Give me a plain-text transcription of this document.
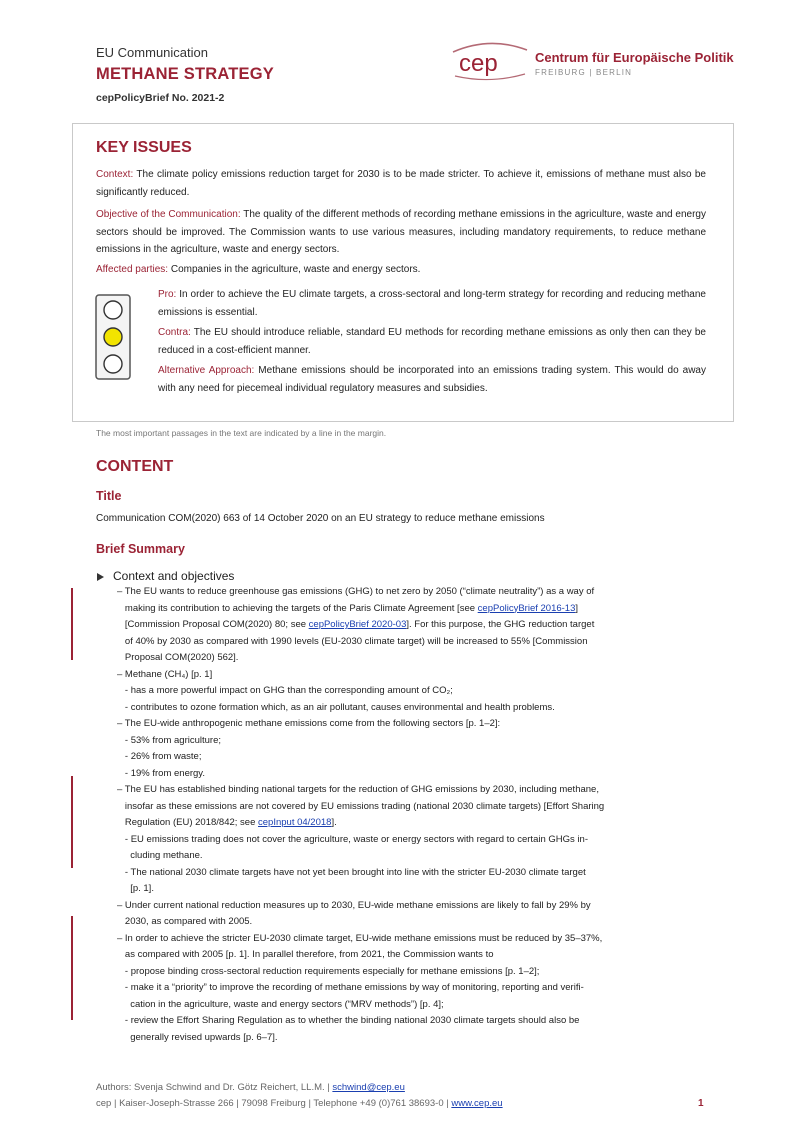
EU Communication
METHANE STRATEGY
cepPolicyBrief No. 2021-2
cep	Centrum für Europäische Politik
FREIBURG | BERLIN
KEY ISSUES
Context: The climate policy emissions reduction target for 2030 is to be made stricter. To achieve it, emissions of methane must also be significantly reduced.
Objective of the Communication: The quality of the different methods of recording methane emissions in the agriculture, waste and energy sectors should be improved. The Commission wants to use various measures, including mandatory requirements, to reduce methane emissions in the agriculture, waste and energy sectors.
Affected parties: Companies in the agriculture, waste and energy sectors.
Pro: In order to achieve the EU climate targets, a cross-sectoral and long-term strategy for recording and reducing methane emissions is essential.
Contra: The EU should introduce reliable, standard EU methods for recording methane emissions as only then can they be reduced in a cost-efficient manner.
Alternative Approach: Methane emissions should be incorporated into an emissions trading system. This would do away with any need for piecemeal individual regulatory measures and subsidies.
The most important passages in the text are indicated by a line in the margin.
CONTENT
Title
Communication COM(2020) 663 of 14 October 2020 on an EU strategy to reduce methane emissions
Brief Summary
Context and objectives
– The EU wants to reduce greenhouse gas emissions (GHG) to net zero by 2050 (“climate neutrality”) as a way of
making its contribution to achieving the targets of the Paris Climate Agreement [see cepPolicyBrief 2016-13]
[Commission Proposal COM(2020) 80; see cepPolicyBrief 2020-03]. For this purpose, the GHG reduction target
of 40% by 2030 as compared with 1990 levels (EU-2030 climate target) will be increased to 55% [Commission
Proposal COM(2020) 562].
– Methane (CH₄) [p. 1]
- has a more powerful impact on GHG than the corresponding amount of CO₂;
- contributes to ozone formation which, as an air pollutant, causes environmental and health problems.
– The EU-wide anthropogenic methane emissions come from the following sectors [p. 1–2]:
- 53% from agriculture;
- 26% from waste;
- 19% from energy.
– The EU has established binding national targets for the reduction of GHG emissions by 2030, including methane,
insofar as these emissions are not covered by EU emissions trading (national 2030 climate targets) [Effort Sharing
Regulation (EU) 2018/842; see cepInput 04/2018].
- EU emissions trading does not cover the agriculture, waste or energy sectors with regard to certain GHGs in-
cluding methane.
- The national 2030 climate targets have not yet been brought into line with the stricter EU-2030 climate target
[p. 1].
– Under current national reduction measures up to 2030, EU-wide methane emissions are likely to fall by 29% by
2030, as compared with 2005.
– In order to achieve the stricter EU-2030 climate target, EU-wide methane emissions must be reduced by 35–37%,
as compared with 2005 [p. 1]. In parallel therefore, from 2021, the Commission wants to
- propose binding cross-sectoral reduction requirements especially for methane emissions [p. 1–2];
- make it a “priority” to improve the recording of methane emissions by way of monitoring, reporting and verifi-
cation in the agriculture, waste and energy sectors (“MRV methods”) [p. 4];
- review the Effort Sharing Regulation as to whether the binding national 2030 climate targets should also be
generally revised upwards [p. 6–7].
Authors: Svenja Schwind and Dr. Götz Reichert, LL.M. | schwind@cep.eu
cep | Kaiser-Joseph-Strasse 266 | 79098 Freiburg | Telephone +49 (0)761 38693-0 | www.cep.eu	1
